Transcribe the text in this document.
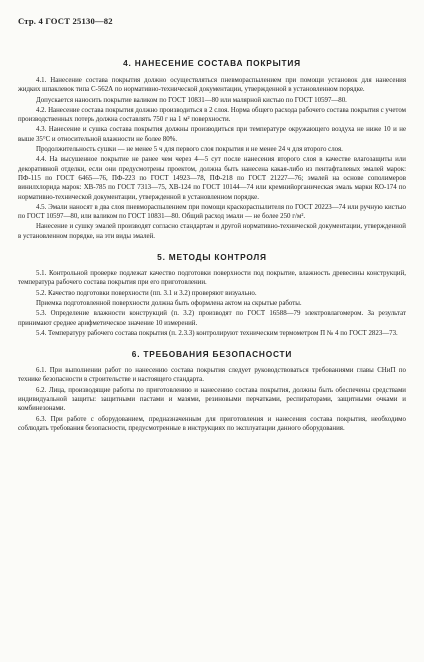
Стр. 4 ГОСТ 25130—82
4. НАНЕСЕНИЕ СОСТАВА ПОКРЫТИЯ

4.1. Нанесение состава покрытия должно осуществляться пневмораспылением при помощи установок для нанесения жидких шпаклевок типа С-562А по нормативно-технической документации, утвержденной в установленном порядке.

Допускается наносить покрытие валиком по ГОСТ 10831—80 или малярной кистью по ГОСТ 10597—80.

4.2. Нанесение состава покрытия должно производиться в 2 слоя. Норма общего расхода рабочего состава покрытия с учетом производственных потерь должна составлять 750 г на 1 м² поверхности.

4.3. Нанесение и сушка состава покрытия должны производиться при температуре окружающего воздуха не ниже 10 и не выше 35°С и относительной влажности не более 80%.

Продолжительность сушки — не менее 5 ч для первого слоя покрытия и не менее 24 ч для второго слоя.

4.4. На высушенное покрытие не ранее чем через 4—5 сут после нанесения второго слоя в качестве влагозащиты или декоративной отделки, если они предусмотрены проектом, должна быть нанесена какая-либо из пентафталевых эмалей марок: ПФ-115 по ГОСТ 6465—76, ПФ-223 по ГОСТ 14923—78, ПФ-218 по ГОСТ 21227—76; эмалей на основе сополимеров винилхлорида марок: ХВ-785 по ГОСТ 7313—75, ХВ-124 по ГОСТ 10144—74 или кремнийорганическая эмаль марки КО-174 по нормативно-технической документации, утвержденной в установленном порядке.

4.5. Эмали наносят в два слоя пневмораспылением при помощи краскораспылителя по ГОСТ 20223—74 или ручную кистью по ГОСТ 10597—80, или валиком по ГОСТ 10831—80. Общий расход эмали — не более 250 г/м².

Нанесение и сушку эмалей производят согласно стандартам и другой нормативно-технической документации, утвержденной в установленном порядке, на эти виды эмалей.

5. МЕТОДЫ КОНТРОЛЯ

5.1. Контрольной проверке подлежат качество подготовки поверхности под покрытие, влажность древесины конструкций, температура рабочего состава покрытия при его приготовлении.

5.2. Качество подготовки поверхности (пп. 3.1 и 3.2) проверяют визуально.

Приемка подготовленной поверхности должна быть оформлена актом на скрытые работы.

5.3. Определение влажности конструкций (п. 3.2) производят по ГОСТ 16588—79 электровлагомером. За результат принимают среднее арифметическое значение 10 измерений.

5.4. Температуру рабочего состава покрытия (п. 2.3.3) контролируют техническим термометром П № 4 по ГОСТ 2823—73.

6. ТРЕБОВАНИЯ БЕЗОПАСНОСТИ

6.1. При выполнении работ по нанесению состава покрытия следует руководствоваться требованиями главы СНиП по технике безопасности в строительстве и настоящего стандарта.

6.2. Лица, производящие работы по приготовлению и нанесению состава покрытия, должны быть обеспечены средствами индивидуальной защиты: защитными пастами и мазями, резиновыми перчатками, респираторами, защитными очками и комбинезонами.

6.3. При работе с оборудованием, предназначенным для приготовления и нанесения состава покрытия, необходимо соблюдать требования безопасности, предусмотренные в инструкциях по эксплуатации данного оборудования.
